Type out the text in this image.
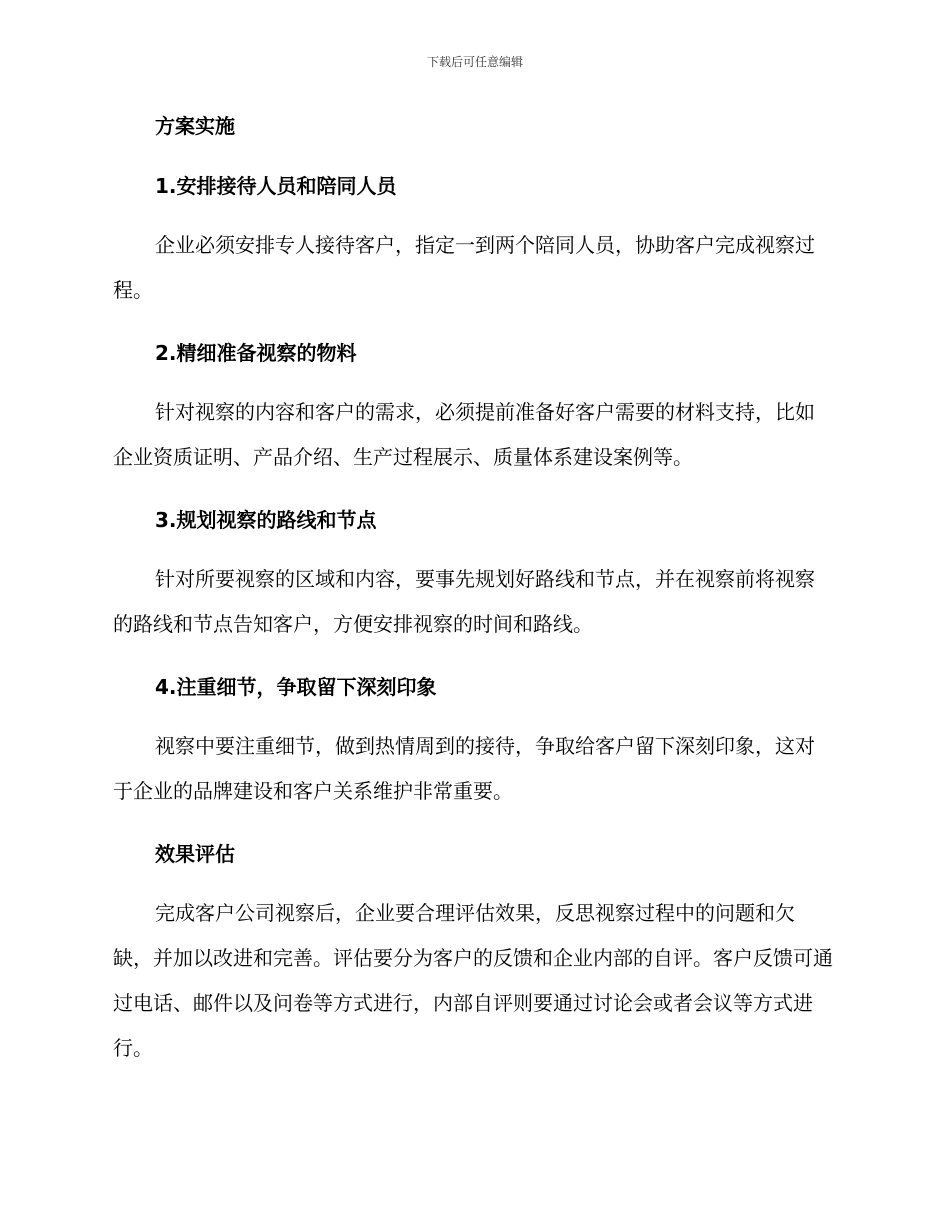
下载后可任意编辑
方案实施
1.安排接待人员和陪同人员
企业必须安排专人接待客户，指定一到两个陪同人员，协助客户完成视察过程。
2.精细准备视察的物料
针对视察的内容和客户的需求，必须提前准备好客户需要的材料支持，比如企业资质证明、产品介绍、生产过程展示、质量体系建设案例等。
3.规划视察的路线和节点
针对所要视察的区域和内容，要事先规划好路线和节点，并在视察前将视察的路线和节点告知客户，方便安排视察的时间和路线。
4.注重细节，争取留下深刻印象
视察中要注重细节，做到热情周到的接待，争取给客户留下深刻印象，这对于企业的品牌建设和客户关系维护非常重要。
效果评估
完成客户公司视察后，企业要合理评估效果，反思视察过程中的问题和欠缺，并加以改进和完善。评估要分为客户的反馈和企业内部的自评。客户反馈可通过电话、邮件以及问卷等方式进行，内部自评则要通过讨论会或者会议等方式进行。
